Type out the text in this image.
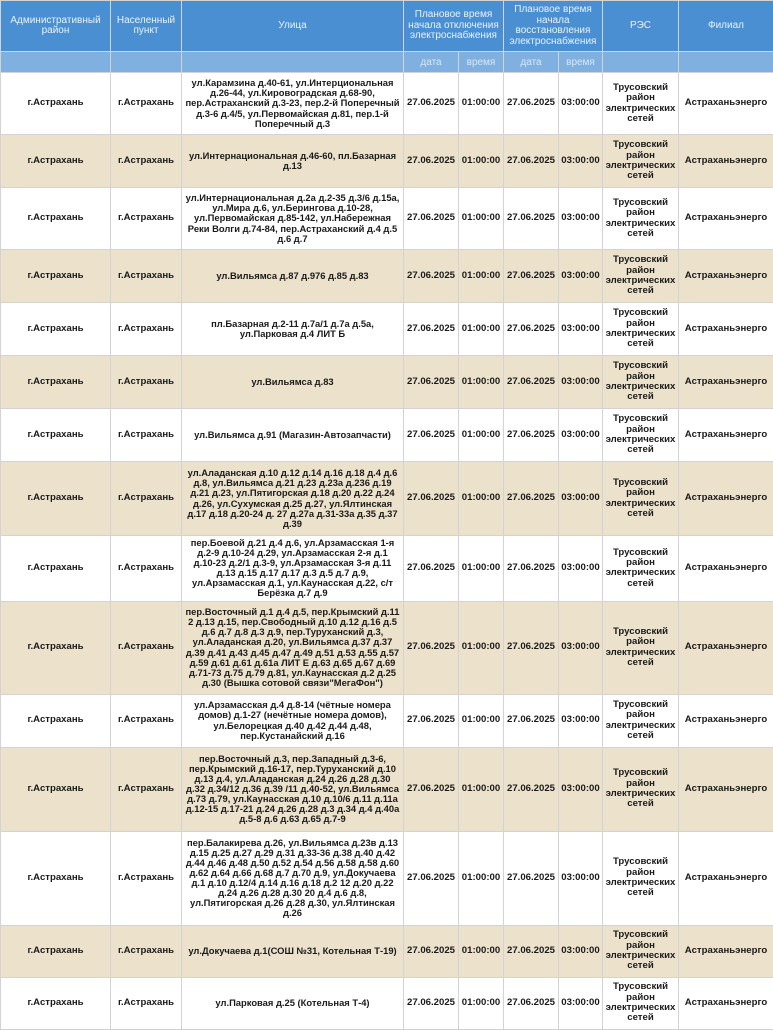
Административный район	Населенный пункт	Улица	Плановое время начала отключения электроснабжения		Плановое время начала восстановления электроснабжения		РЭС	Филиал
			дата	время	дата	время		
г.Астрахань	г.Астрахань	ул.Карамзина д.40-61, ул.Интерциональная д.26-44, ул.Кировоградская д.68-90, пер.Астраханский д.3-23, пер.2-й Поперечный д.3-6 д.4/5, ул.Первомайская д.81, пер.1-й Поперечный д.3	27.06.2025	01:00:00	27.06.2025	03:00:00	Трусовский район электрических сетей	Астраханьэнерго
г.Астрахань	г.Астрахань	ул.Интернациональная д.46-60, пл.Базарная д.13	27.06.2025	01:00:00	27.06.2025	03:00:00	Трусовский район электрических сетей	Астраханьэнерго
г.Астрахань	г.Астрахань	ул.Интернациональная д.2а д.2-35 д.3/6 д.15а, ул.Мира д.6, ул.Берингова д.10-28, ул.Первомайская д.85-142, ул.Набережная Реки Волги д.74-84, пер.Астраханский д.4 д.5 д.6 д.7	27.06.2025	01:00:00	27.06.2025	03:00:00	Трусовский район электрических сетей	Астраханьэнерго
г.Астрахань	г.Астрахань	ул.Вильямса д.87 д.976 д.85 д.83	27.06.2025	01:00:00	27.06.2025	03:00:00	Трусовский район электрических сетей	Астраханьэнерго
г.Астрахань	г.Астрахань	пл.Базарная д.2-11 д.7а/1 д.7а д.5а, ул.Парковая д.4 ЛИТ Б	27.06.2025	01:00:00	27.06.2025	03:00:00	Трусовский район электрических сетей	Астраханьэнерго
г.Астрахань	г.Астрахань	ул.Вильямса д.83	27.06.2025	01:00:00	27.06.2025	03:00:00	Трусовский район электрических сетей	Астраханьэнерго
г.Астрахань	г.Астрахань	ул.Вильямса д.91 (Магазин-Автозапчасти)	27.06.2025	01:00:00	27.06.2025	03:00:00	Трусовский район электрических сетей	Астраханьэнерго
г.Астрахань	г.Астрахань	ул.Аладанская д.10 д.12 д.14 д.16 д.18 д.4 д.6 д.8, ул.Вильямса д.21 д.23 д.23а д.236 д.19 д.21 д.23, ул.Пятигорская д.18 д.20 д.22 д.24 д.26, ул.Сухумская д.25 д.27, ул.Ялтинская д.17 д.18 д.20-24 д. 27 д.27а д.31-33а д.35 д.37 д.39	27.06.2025	01:00:00	27.06.2025	03:00:00	Трусовский район электрических сетей	Астраханьэнерго
г.Астрахань	г.Астрахань	пер.Боевой д.21 д.4 д.6, ул.Арзамасская 1-я д.2-9 д.10-24 д.29, ул.Арзамасская 2-я д.1 д.10-23 д.2/1 д.3-9, ул.Арзамасская 3-я д.11 д.13 д.15 д.17 д.17 д.3 д.5 д.7 д.9, ул.Арзамасская д.1, ул.Каунасская д.22, с/т Берёзка д.7 д.9	27.06.2025	01:00:00	27.06.2025	03:00:00	Трусовский район электрических сетей	Астраханьэнерго
г.Астрахань	г.Астрахань	пер.Восточный д.1 д.4 д.5, пер.Крымский д.11 2 д.13 д.15, пер.Свободный д.10 д.12 д.16 д.5 д.6 д.7 д.8 д.3 д.9, пер.Туруханский д.3, ул.Аладанская д.20, ул.Вильямса д.37 д.37 д.39 д.41 д.43 д.45 д.47 д.49 д.51 д.53 д.55 д.57 д.59 д.61 д.61 д.61а ЛИТ Е д.63 д.65 д.67 д.69 д.71-73 д.75 д.79 д.81, ул.Каунасская д.2 д.25 д.30 (Вышка сотовой связи"МегаФон")	27.06.2025	01:00:00	27.06.2025	03:00:00	Трусовский район электрических сетей	Астраханьэнерго
г.Астрахань	г.Астрахань	ул.Арзамасская д.4 д.8-14 (чётные номера домов) д.1-27 (нечётные номера домов), ул.Белорецкая д.40 д.42 д.44 д.48, пер.Кустанайский д.16	27.06.2025	01:00:00	27.06.2025	03:00:00	Трусовский район электрических сетей	Астраханьэнерго
г.Астрахань	г.Астрахань	пер.Восточный д.3, пер.Западный д.3-6, пер.Крымский д.16-17, пер.Туруханский д.10 д.13 д.4, ул.Аладанская д.24 д.26 д.28 д.30 д.32 д.34/12 д.36 д.39 /11 д.40-52, ул.Вильямса д.73 д.79, ул.Каунасская д.10 д.10/6 д.11 д.11а д.12-15 д.17-21 д.24 д.26 д.28 д.3 д.34 д.4 д.40а д.5-8 д.6 д.63 д.65 д.7-9	27.06.2025	01:00:00	27.06.2025	03:00:00	Трусовский район электрических сетей	Астраханьэнерго
г.Астрахань	г.Астрахань	пер.Балакирева д.26, ул.Вильямса д.23в д.13 д.15 д.25 д.27 д.29 д.31 д.33-36 д.38 д.40 д.42 д.44 д.46 д.48 д.50 д.52 д.54 д.56 д.58 д.58 д.60 д.62 д.64 д.66 д.68 д.7 д.70 д.9, ул.Докучаева д.1 д.10 д.12/4 д.14 д.16 д.18 д.2 12 д.20 д.22 д.24 д.26 д.28 д.30 20 д.4 д.6 д.8, ул.Пятигорская д.26 д.28 д.30, ул.Ялтинская д.26	27.06.2025	01:00:00	27.06.2025	03:00:00	Трусовский район электрических сетей	Астраханьэнерго
г.Астрахань	г.Астрахань	ул.Докучаева д.1(СОШ №31, Котельная Т-19)	27.06.2025	01:00:00	27.06.2025	03:00:00	Трусовский район электрических сетей	Астраханьэнерго
г.Астрахань	г.Астрахань	ул.Парковая д.25 (Котельная Т-4)	27.06.2025	01:00:00	27.06.2025	03:00:00	Трусовский район электрических сетей	Астраханьэнерго
